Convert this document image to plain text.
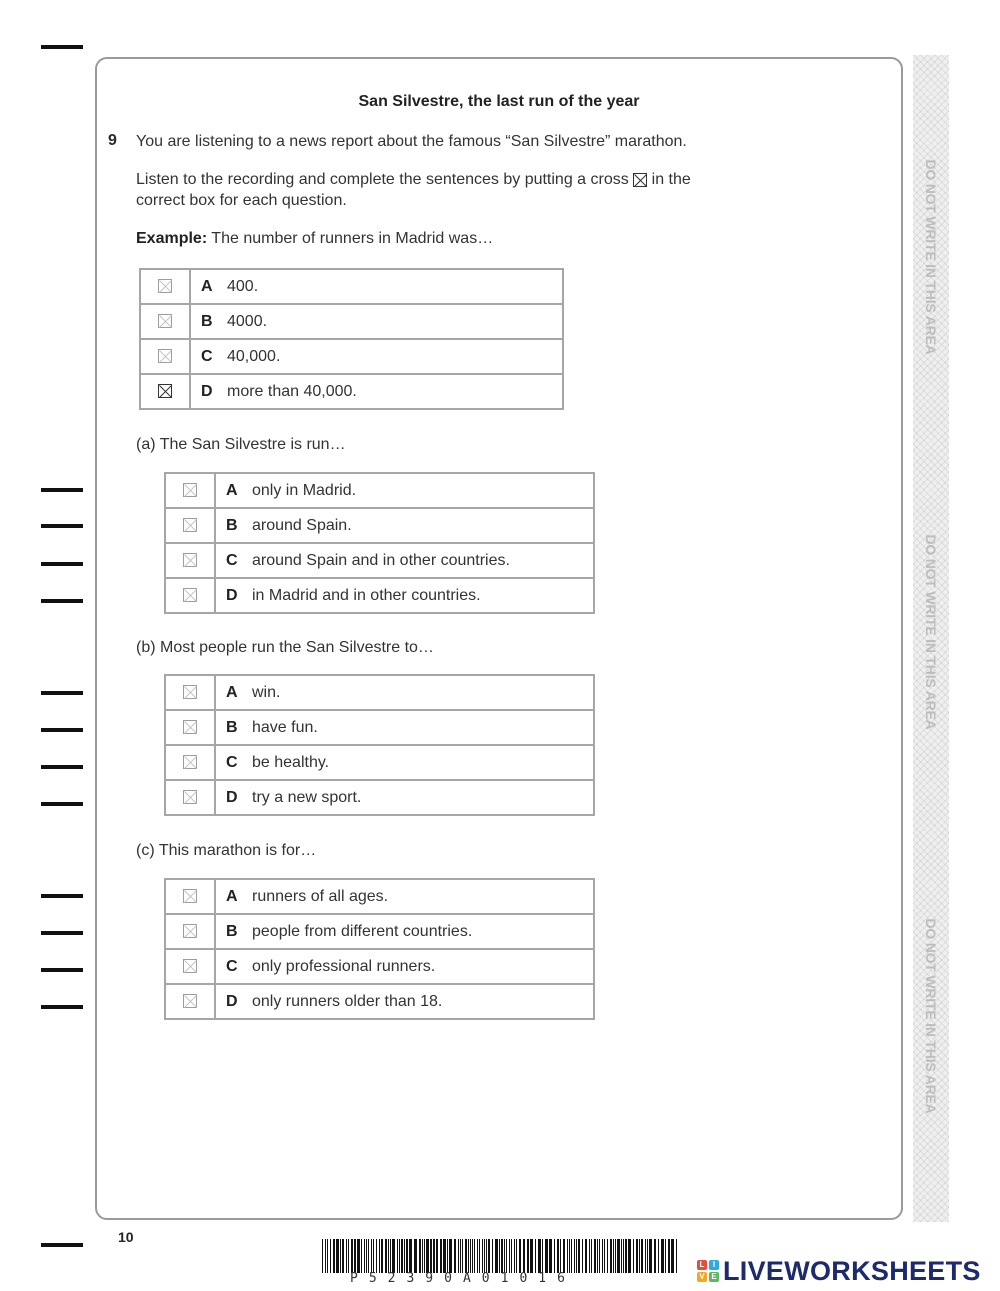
San Silvestre, the last run of the year
9 You are listening to a news report about the famous “San Silvestre” marathon.
Listen to the recording and complete the sentences by putting a cross ☒ in the
correct box for each question.
Example: The number of runners in Madrid was…
	A 400.
	B 4000.
	C 40,000.
	D more than 40,000.
(a) The San Silvestre is run…
	A only in Madrid.
	B around Spain.
	C around Spain and in other countries.
	D in Madrid and in other countries.
(b) Most people run the San Silvestre to…
	A win.
	B have fun.
	C be healthy.
	D try a new sport.
(c) This marathon is for…
	A runners of all ages.
	B people from different countries.
	C only professional runners.
	D only runners older than 18.
DO NOT WRITE IN THIS AREA
DO NOT WRITE IN THIS AREA
DO NOT WRITE IN THIS AREA
10
P52390A01016
L	I
V E LIVEWORKSHEETS
